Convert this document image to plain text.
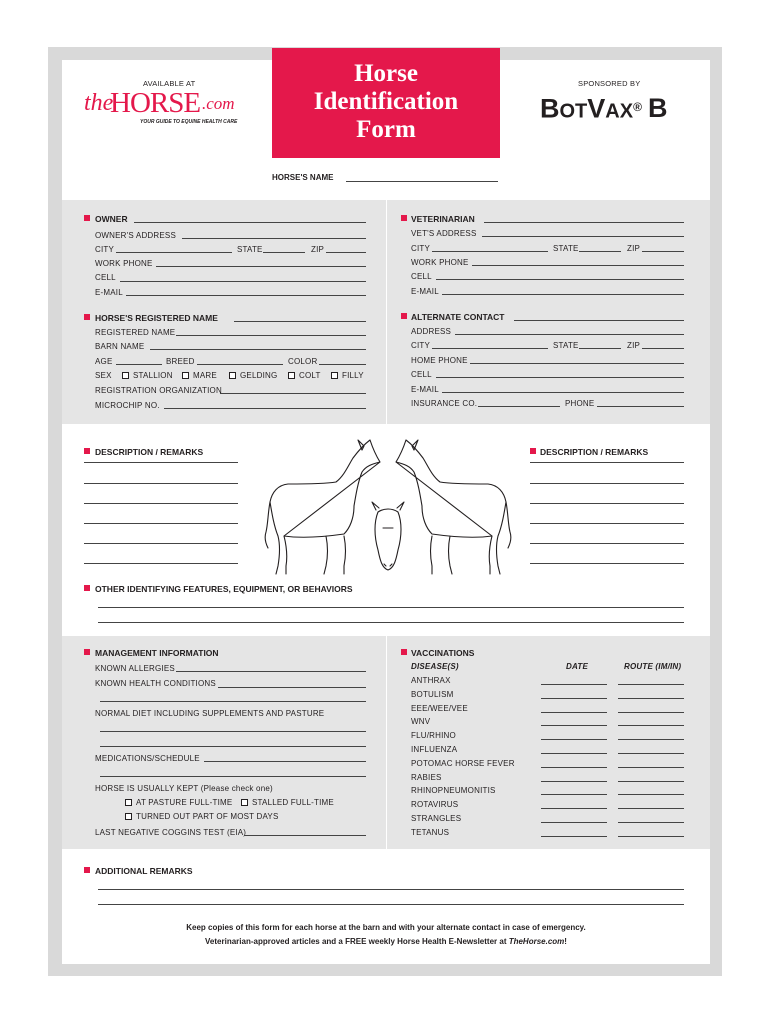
AVAILABLE AT
the
HORSE .com
YOUR GUIDE TO EQUINE HEALTH CARE
Horse
Identification
Form
SPONSORED BY
BOTVAX® B
HORSE'S NAME
OWNER
OWNER'S ADDRESS
CITY	STATE	ZIP
WORK PHONE
CELL
E-MAIL
VETERINARIAN
VET'S ADDRESS
CITY	STATE	ZIP
WORK PHONE
CELL
E-MAIL
HORSE'S REGISTERED NAME
REGISTERED NAME
BARN NAME
AGE	BREED	COLOR
SEX	STALLION	MARE	GELDING	COLT	FILLY
REGISTRATION ORGANIZATION
MICROCHIP NO.
ALTERNATE CONTACT
ADDRESS
CITY	STATE	ZIP
HOME PHONE
CELL
E-MAIL
INSURANCE CO.	PHONE
DESCRIPTION / REMARKS	DESCRIPTION / REMARKS
OTHER IDENTIFYING FEATURES, EQUIPMENT, OR BEHAVIORS
MANAGEMENT INFORMATION
KNOWN ALLERGIES
KNOWN HEALTH CONDITIONS
NORMAL DIET INCLUDING SUPPLEMENTS AND PASTURE
MEDICATIONS/SCHEDULE
HORSE IS USUALLY KEPT (Please check one)
AT PASTURE FULL-TIME STALLED FULL-TIME
TURNED OUT PART OF MOST DAYS
LAST NEGATIVE COGGINS TEST (EIA)
VACCINATIONS
DISEASE(S)	DATE	ROUTE (IM/IN)
ANTHRAX
BOTULISM
EEE/WEE/VEE
WNV
FLU/RHINO
INFLUENZA
POTOMAC HORSE FEVER
RABIES
RHINOPNEUMONITIS
ROTAVIRUS
STRANGLES
TETANUS
ADDITIONAL REMARKS
Keep copies of this form for each horse at the barn and with your alternate contact in case of emergency.
Veterinarian-approved articles and a FREE weekly Horse Health E-Newsletter at TheHorse.com!
